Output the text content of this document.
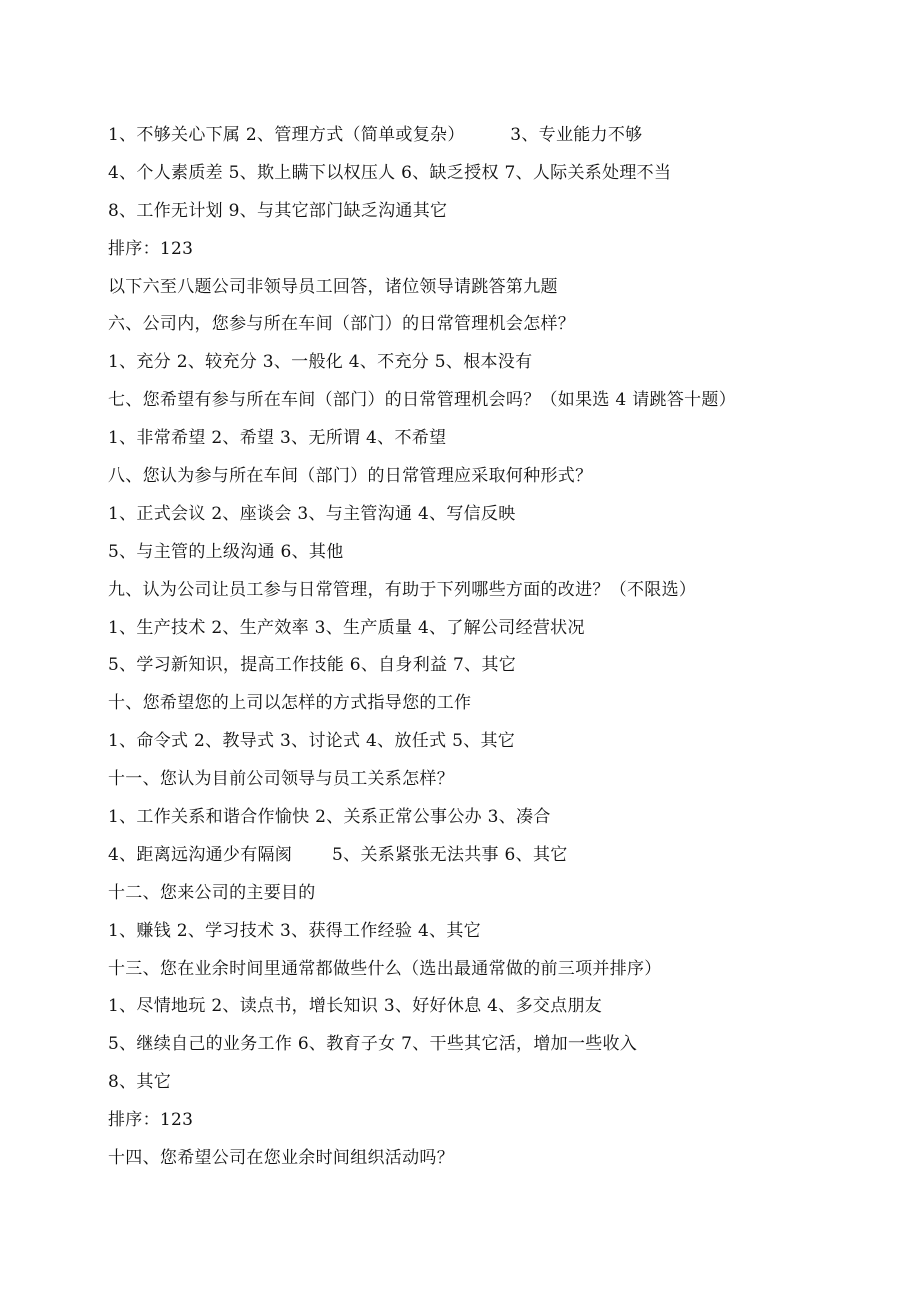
1、不够关心下属 2、管理方式（简单或复杂）        3、专业能力不够
4、个人素质差 5、欺上瞒下以权压人 6、缺乏授权 7、人际关系处理不当
8、工作无计划 9、与其它部门缺乏沟通其它
排序：123
以下六至八题公司非领导员工回答，诸位领导请跳答第九题
六、公司内，您参与所在车间（部门）的日常管理机会怎样？
1、充分 2、较充分 3、一般化 4、不充分 5、根本没有
七、您希望有参与所在车间（部门）的日常管理机会吗？（如果选 4 请跳答十题）
1、非常希望 2、希望 3、无所谓 4、不希望
八、您认为参与所在车间（部门）的日常管理应采取何种形式？
1、正式会议 2、座谈会 3、与主管沟通 4、写信反映
5、与主管的上级沟通 6、其他
九、认为公司让员工参与日常管理，有助于下列哪些方面的改进？（不限选）
1、生产技术 2、生产效率 3、生产质量 4、了解公司经营状况
5、学习新知识，提高工作技能 6、自身利益 7、其它
十、您希望您的上司以怎样的方式指导您的工作
1、命令式 2、教导式 3、讨论式 4、放任式 5、其它
十一、您认为目前公司领导与员工关系怎样？
1、工作关系和谐合作愉快 2、关系正常公事公办 3、凑合
4、距离远沟通少有隔阂       5、关系紧张无法共事 6、其它
十二、您来公司的主要目的
1、赚钱 2、学习技术 3、获得工作经验 4、其它
十三、您在业余时间里通常都做些什么（选出最通常做的前三项并排序）
1、尽情地玩 2、读点书，增长知识 3、好好休息 4、多交点朋友
5、继续自己的业务工作 6、教育子女 7、干些其它活，增加一些收入
8、其它
排序：123
十四、您希望公司在您业余时间组织活动吗？
